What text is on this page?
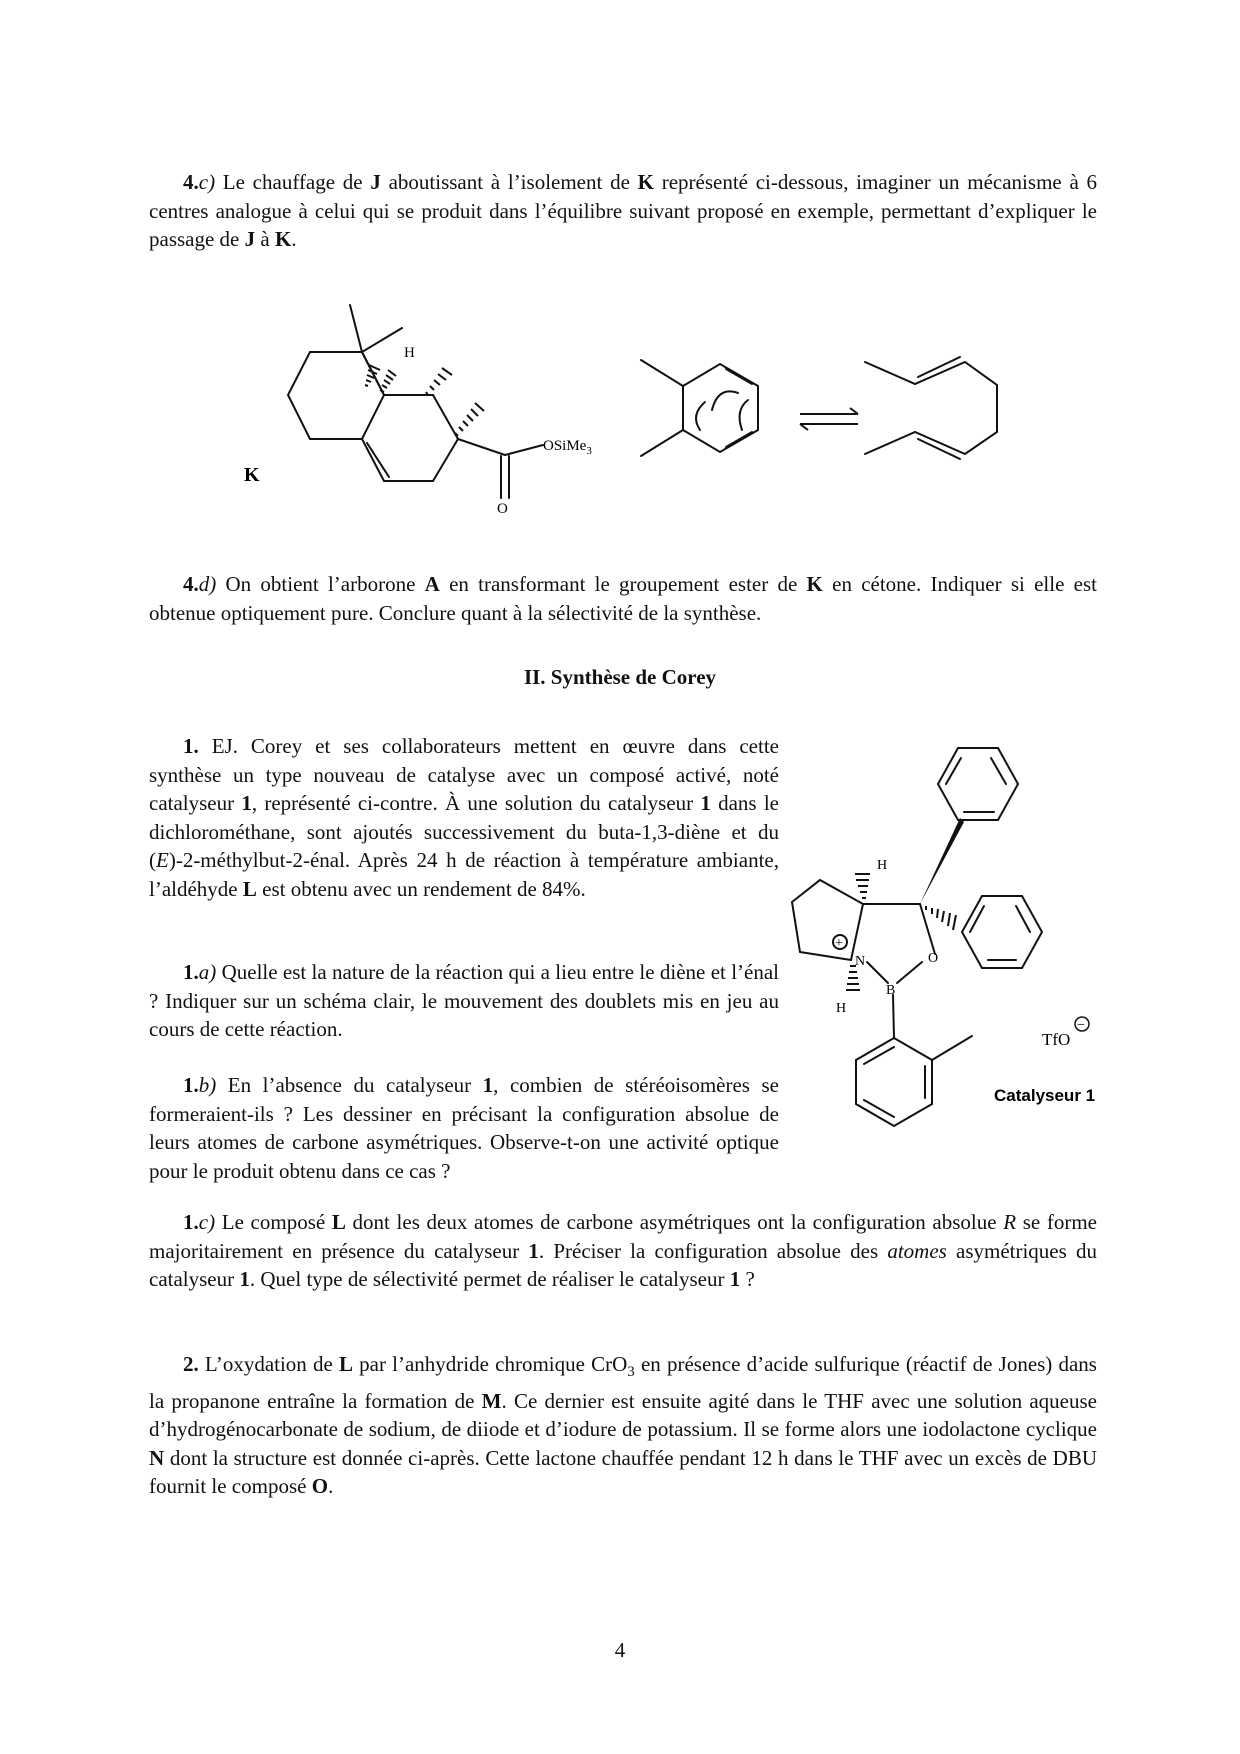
4.c) Le chauffage de J aboutissant à l’isolement de K représenté ci-dessous, imaginer un mécanisme à 6 centres analogue à celui qui se produit dans l’équilibre suivant proposé en exemple, permettant d’expliquer le passage de J à K.
K
H
OSiMe$_3$
O
4.d) On obtient l’arborone A en transformant le groupement ester de K en cétone. Indiquer si elle est obtenue optiquement pure. Conclure quant à la sélectivité de la synthèse.
II. Synthèse de Corey
1. EJ. Corey et ses collaborateurs mettent en œuvre dans cette synthèse un type nouveau de catalyse avec un composé activé, noté catalyseur 1, représenté ci-contre. À une solution du catalyseur 1 dans le dichlorométhane, sont ajoutés successivement du buta-1,3-diène et du (E)-2-méthylbut-2-énal. Après 24 h de réaction à température ambiante, l’aldéhyde L est obtenu avec un rendement de 84%.
1.a) Quelle est la nature de la réaction qui a lieu entre le diène et l’énal ? Indiquer sur un schéma clair, le mouvement des doublets mis en jeu au cours de cette réaction.
1.b) En l’absence du catalyseur 1, combien de stéréoisomères se formeraient-ils ? Les dessiner en précisant la configuration absolue de leurs atomes de carbone asymétriques. Observe-t-on une activité optique pour le produit obtenu dans ce cas ?
H
H
N
B
O
+
TfO
−
Catalyseur 1
1.c) Le composé L dont les deux atomes de carbone asymétriques ont la configuration absolue R se forme majoritairement en présence du catalyseur 1. Préciser la configuration absolue des atomes asymétriques du catalyseur 1. Quel type de sélectivité permet de réaliser le catalyseur 1 ?
2. L’oxydation de L par l’anhydride chromique CrO$_3$ en présence d’acide sulfurique (réactif de Jones) dans la propanone entraîne la formation de M. Ce dernier est ensuite agité dans le THF avec une solution aqueuse d’hydrogénocarbonate de sodium, de diiode et d’iodure de potassium. Il se forme alors une iodolactone cyclique N dont la structure est donnée ci-après. Cette lactone chauffée pendant 12 h dans le THF avec un excès de DBU fournit le composé O.
4
